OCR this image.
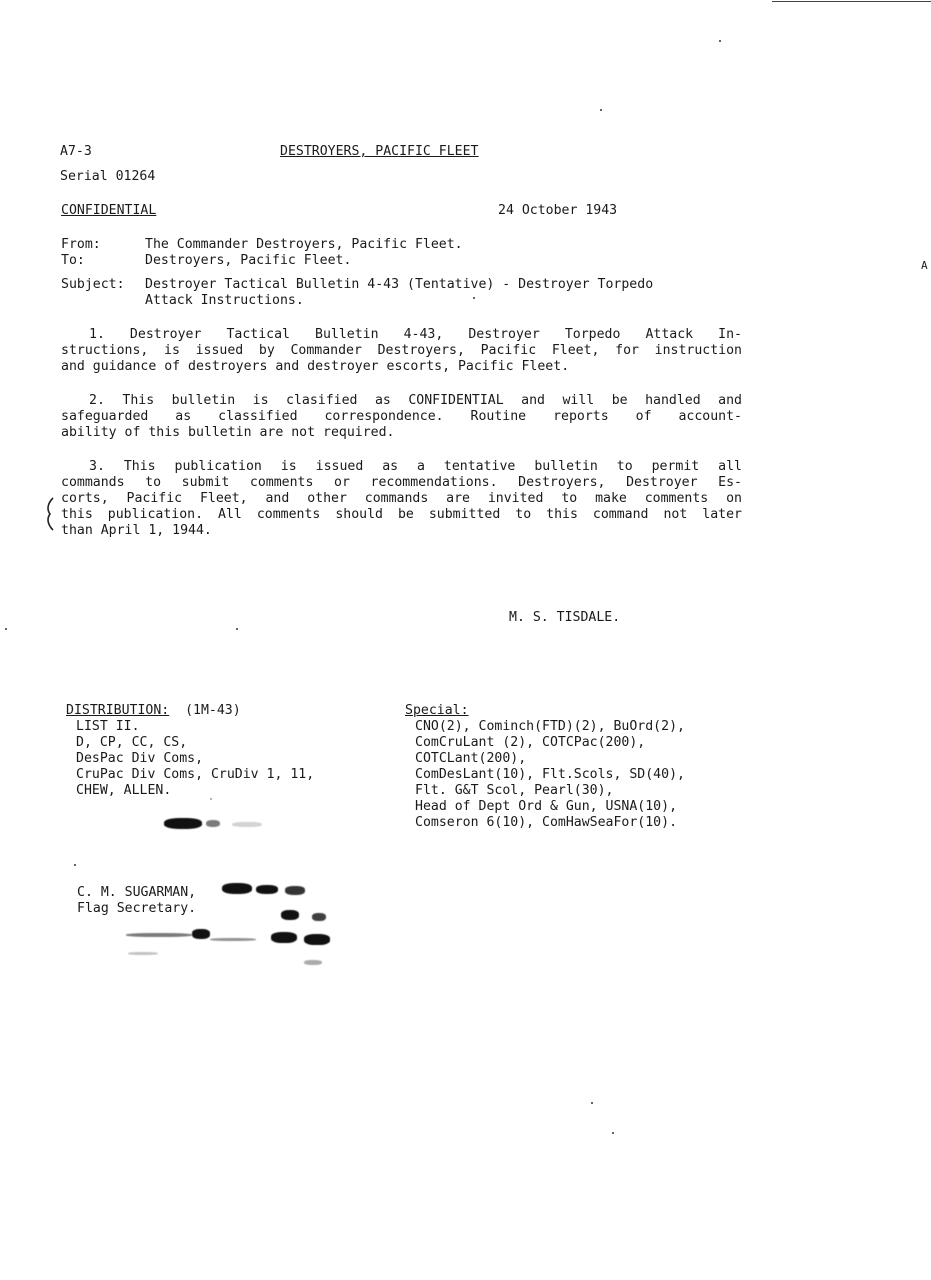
A7-3	DESTROYERS, PACIFIC FLEET
Serial 01264
CONFIDENTIAL	24 October 1943
From:	The Commander Destroyers, Pacific Fleet.
To:	Destroyers, Pacific Fleet.
Subject: Destroyer Tactical Bulletin 4-43 (Tentative) - Destroyer Torpedo
Attack Instructions.
A
1. Destroyer Tactical Bulletin 4-43, Destroyer Torpedo Attack In-
structions, is issued by Commander Destroyers, Pacific Fleet, for instruction
and guidance of destroyers and destroyer escorts, Pacific Fleet.
2. This bulletin is clasified as CONFIDENTIAL and will be handled and
safeguarded as classified correspondence. Routine reports of account-
ability of this bulletin are not required.
3. This publication is issued as a tentative bulletin to permit all
commands to submit comments or recommendations. Destroyers, Destroyer Es-
corts, Pacific Fleet, and other commands are invited to make comments on
this publication. All comments should be submitted to this command not later
than April 1, 1944.
M. S. TISDALE.
DISTRIBUTION: (1M-43)
LIST II.
D, CP, CC, CS,
DesPac Div Coms,
CruPac Div Coms, CruDiv 1, 11,
CHEW, ALLEN.
Special:
CNO(2), Cominch(FTD)(2), BuOrd(2),
ComCruLant (2), COTCPac(200),
COTCLant(200),
ComDesLant(10), Flt.Scols, SD(40),
Flt. G&T Scol, Pearl(30),
Head of Dept Ord & Gun, USNA(10),
Comseron 6(10), ComHawSeaFor(10).
C. M. SUGARMAN,
Flag Secretary.
